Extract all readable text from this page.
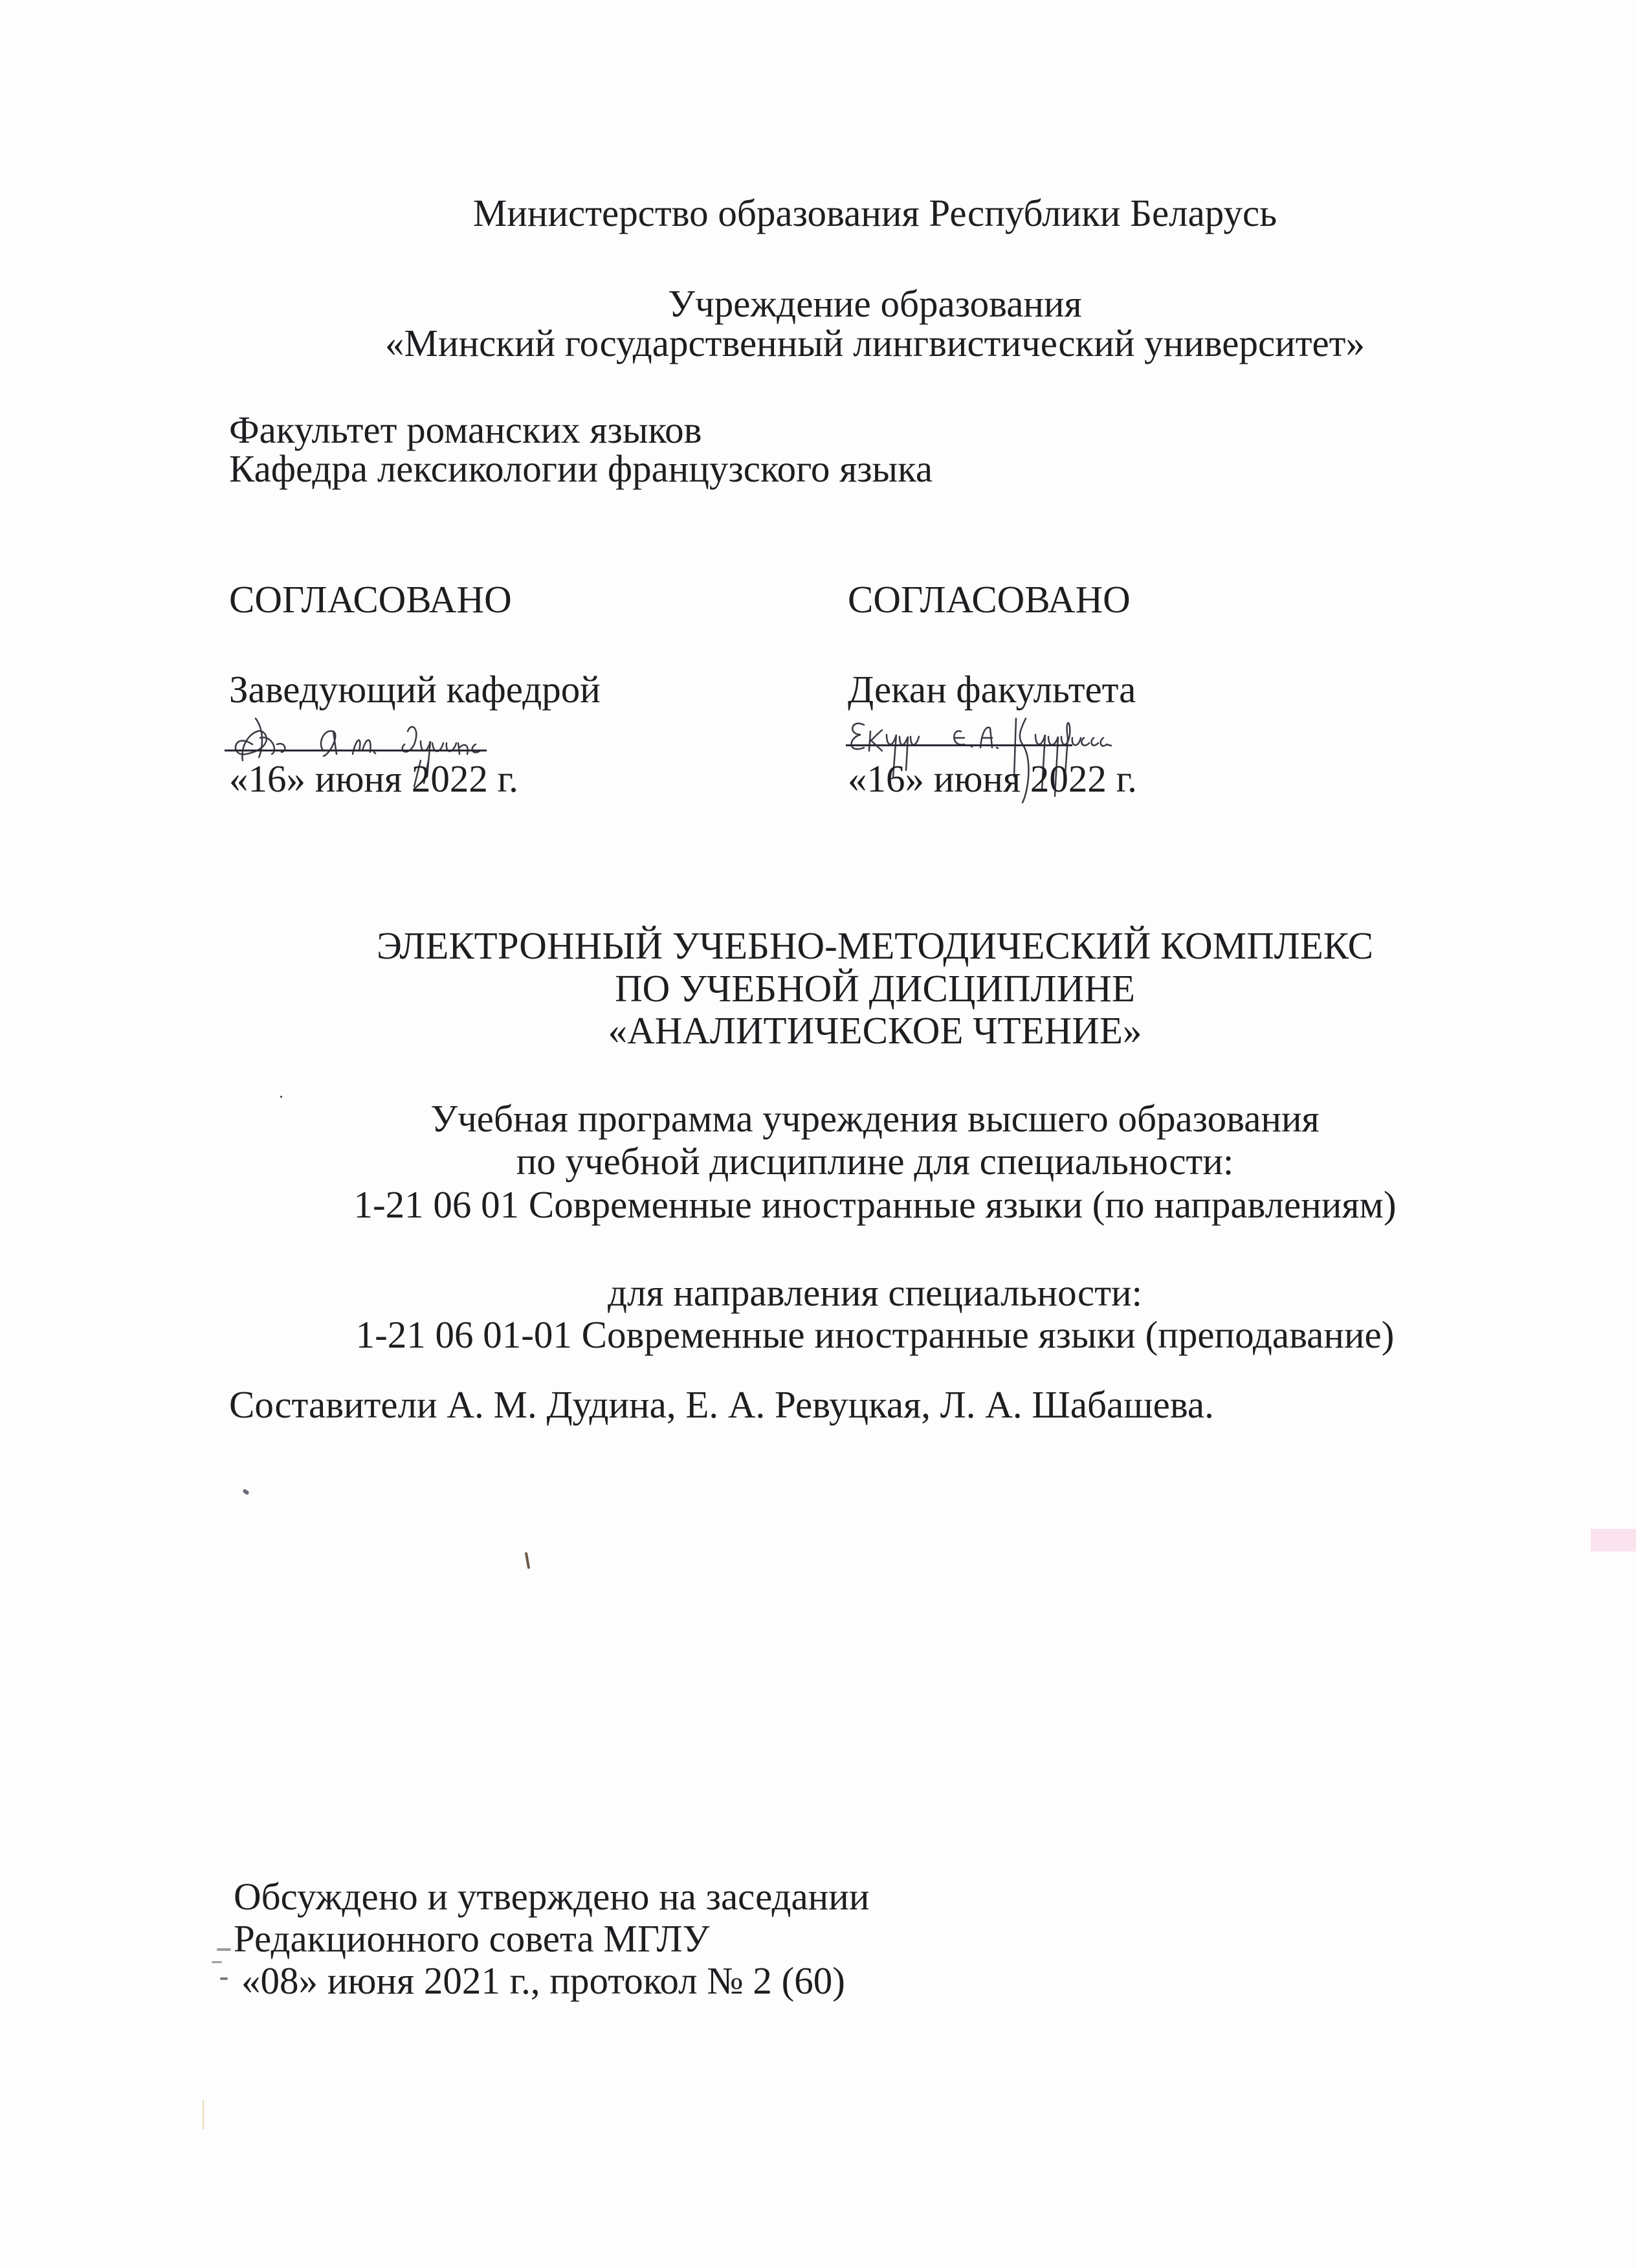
Министерство образования Республики Беларусь
Учреждение образования
«Минский государственный лингвистический университет»
Факультет романских языков
Кафедра лексикологии французского языка
СОГЛАСОВАНО
Заведующий кафедрой
«16» июня 2022 г.
СОГЛАСОВАНО
Декан факультета
«16» июня 2022 г.
ЭЛЕКТРОННЫЙ УЧЕБНО-МЕТОДИЧЕСКИЙ КОМПЛЕКС
ПО УЧЕБНОЙ ДИСЦИПЛИНЕ
«АНАЛИТИЧЕСКОЕ ЧТЕНИЕ»
Учебная программа учреждения высшего образования
по учебной дисциплине для специальности:
1-21 06 01 Современные иностранные языки (по направлениям)
для направления специальности:
1-21 06 01-01 Современные иностранные языки (преподавание)
Составители А. М. Дудина, Е. А. Ревуцкая, Л. А. Шабашева.
Обсуждено и утверждено на заседании
Редакционного совета МГЛУ
«08» июня 2021 г., протокол № 2 (60)
